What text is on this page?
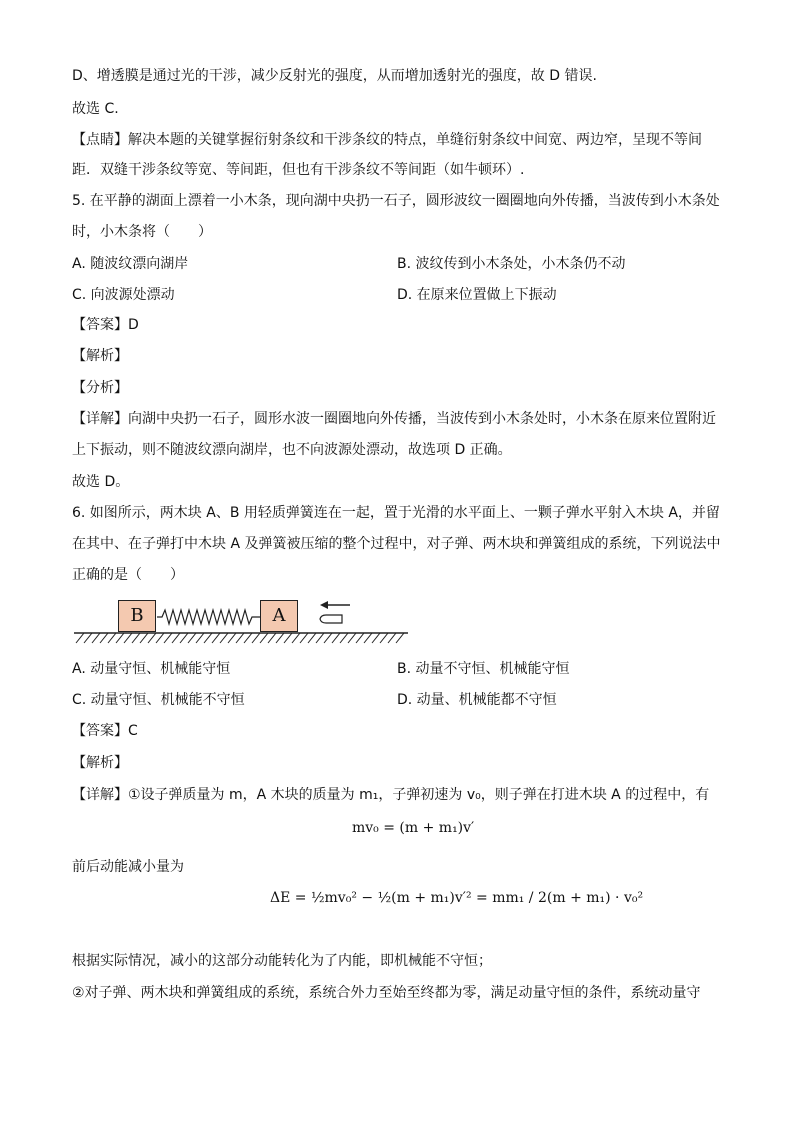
D、增透膜是通过光的干涉，减少反射光的强度，从而增加透射光的强度，故 D 错误.
故选 C.
【点睛】解决本题的关键掌握衍射条纹和干涉条纹的特点，单缝衍射条纹中间宽、两边窄，呈现不等间
距．双缝干涉条纹等宽、等间距，但也有干涉条纹不等间距（如牛顿环）.
5. 在平静的湖面上漂着一小木条，现向湖中央扔一石子，圆形波纹一圈圈地向外传播，当波传到小木条处
时，小木条将（　　）
A. 随波纹漂向湖岸	B. 波纹传到小木条处，小木条仍不动
C. 向波源处漂动	D. 在原来位置做上下振动
【答案】D
【解析】
【分析】
【详解】向湖中央扔一石子，圆形水波一圈圈地向外传播，当波传到小木条处时，小木条在原来位置附近
上下振动，则不随波纹漂向湖岸，也不向波源处漂动，故选项 D 正确。
故选 D。
6. 如图所示，两木块 A、B 用轻质弹簧连在一起，置于光滑的水平面上、一颗子弹水平射入木块 A，并留
在其中、在子弹打中木块 A 及弹簧被压缩的整个过程中，对子弹、两木块和弹簧组成的系统，下列说法中
正确的是（　　）
B	A
A. 动量守恒、机械能守恒	B. 动量不守恒、机械能守恒
C. 动量守恒、机械能不守恒	D. 动量、机械能都不守恒
【答案】C
【解析】
【详解】①设子弹质量为 m，A 木块的质量为 m₁，子弹初速为 v₀，则子弹在打进木块 A 的过程中，有
mv₀ = (m + m₁)v′
前后动能减小量为
ΔE = ½mv₀² − ½(m + m₁)v′² = mm₁ / 2(m + m₁) · v₀²
根据实际情况，减小的这部分动能转化为了内能，即机械能不守恒；
②对子弹、两木块和弹簧组成的系统，系统合外力至始至终都为零，满足动量守恒的条件，系统动量守
